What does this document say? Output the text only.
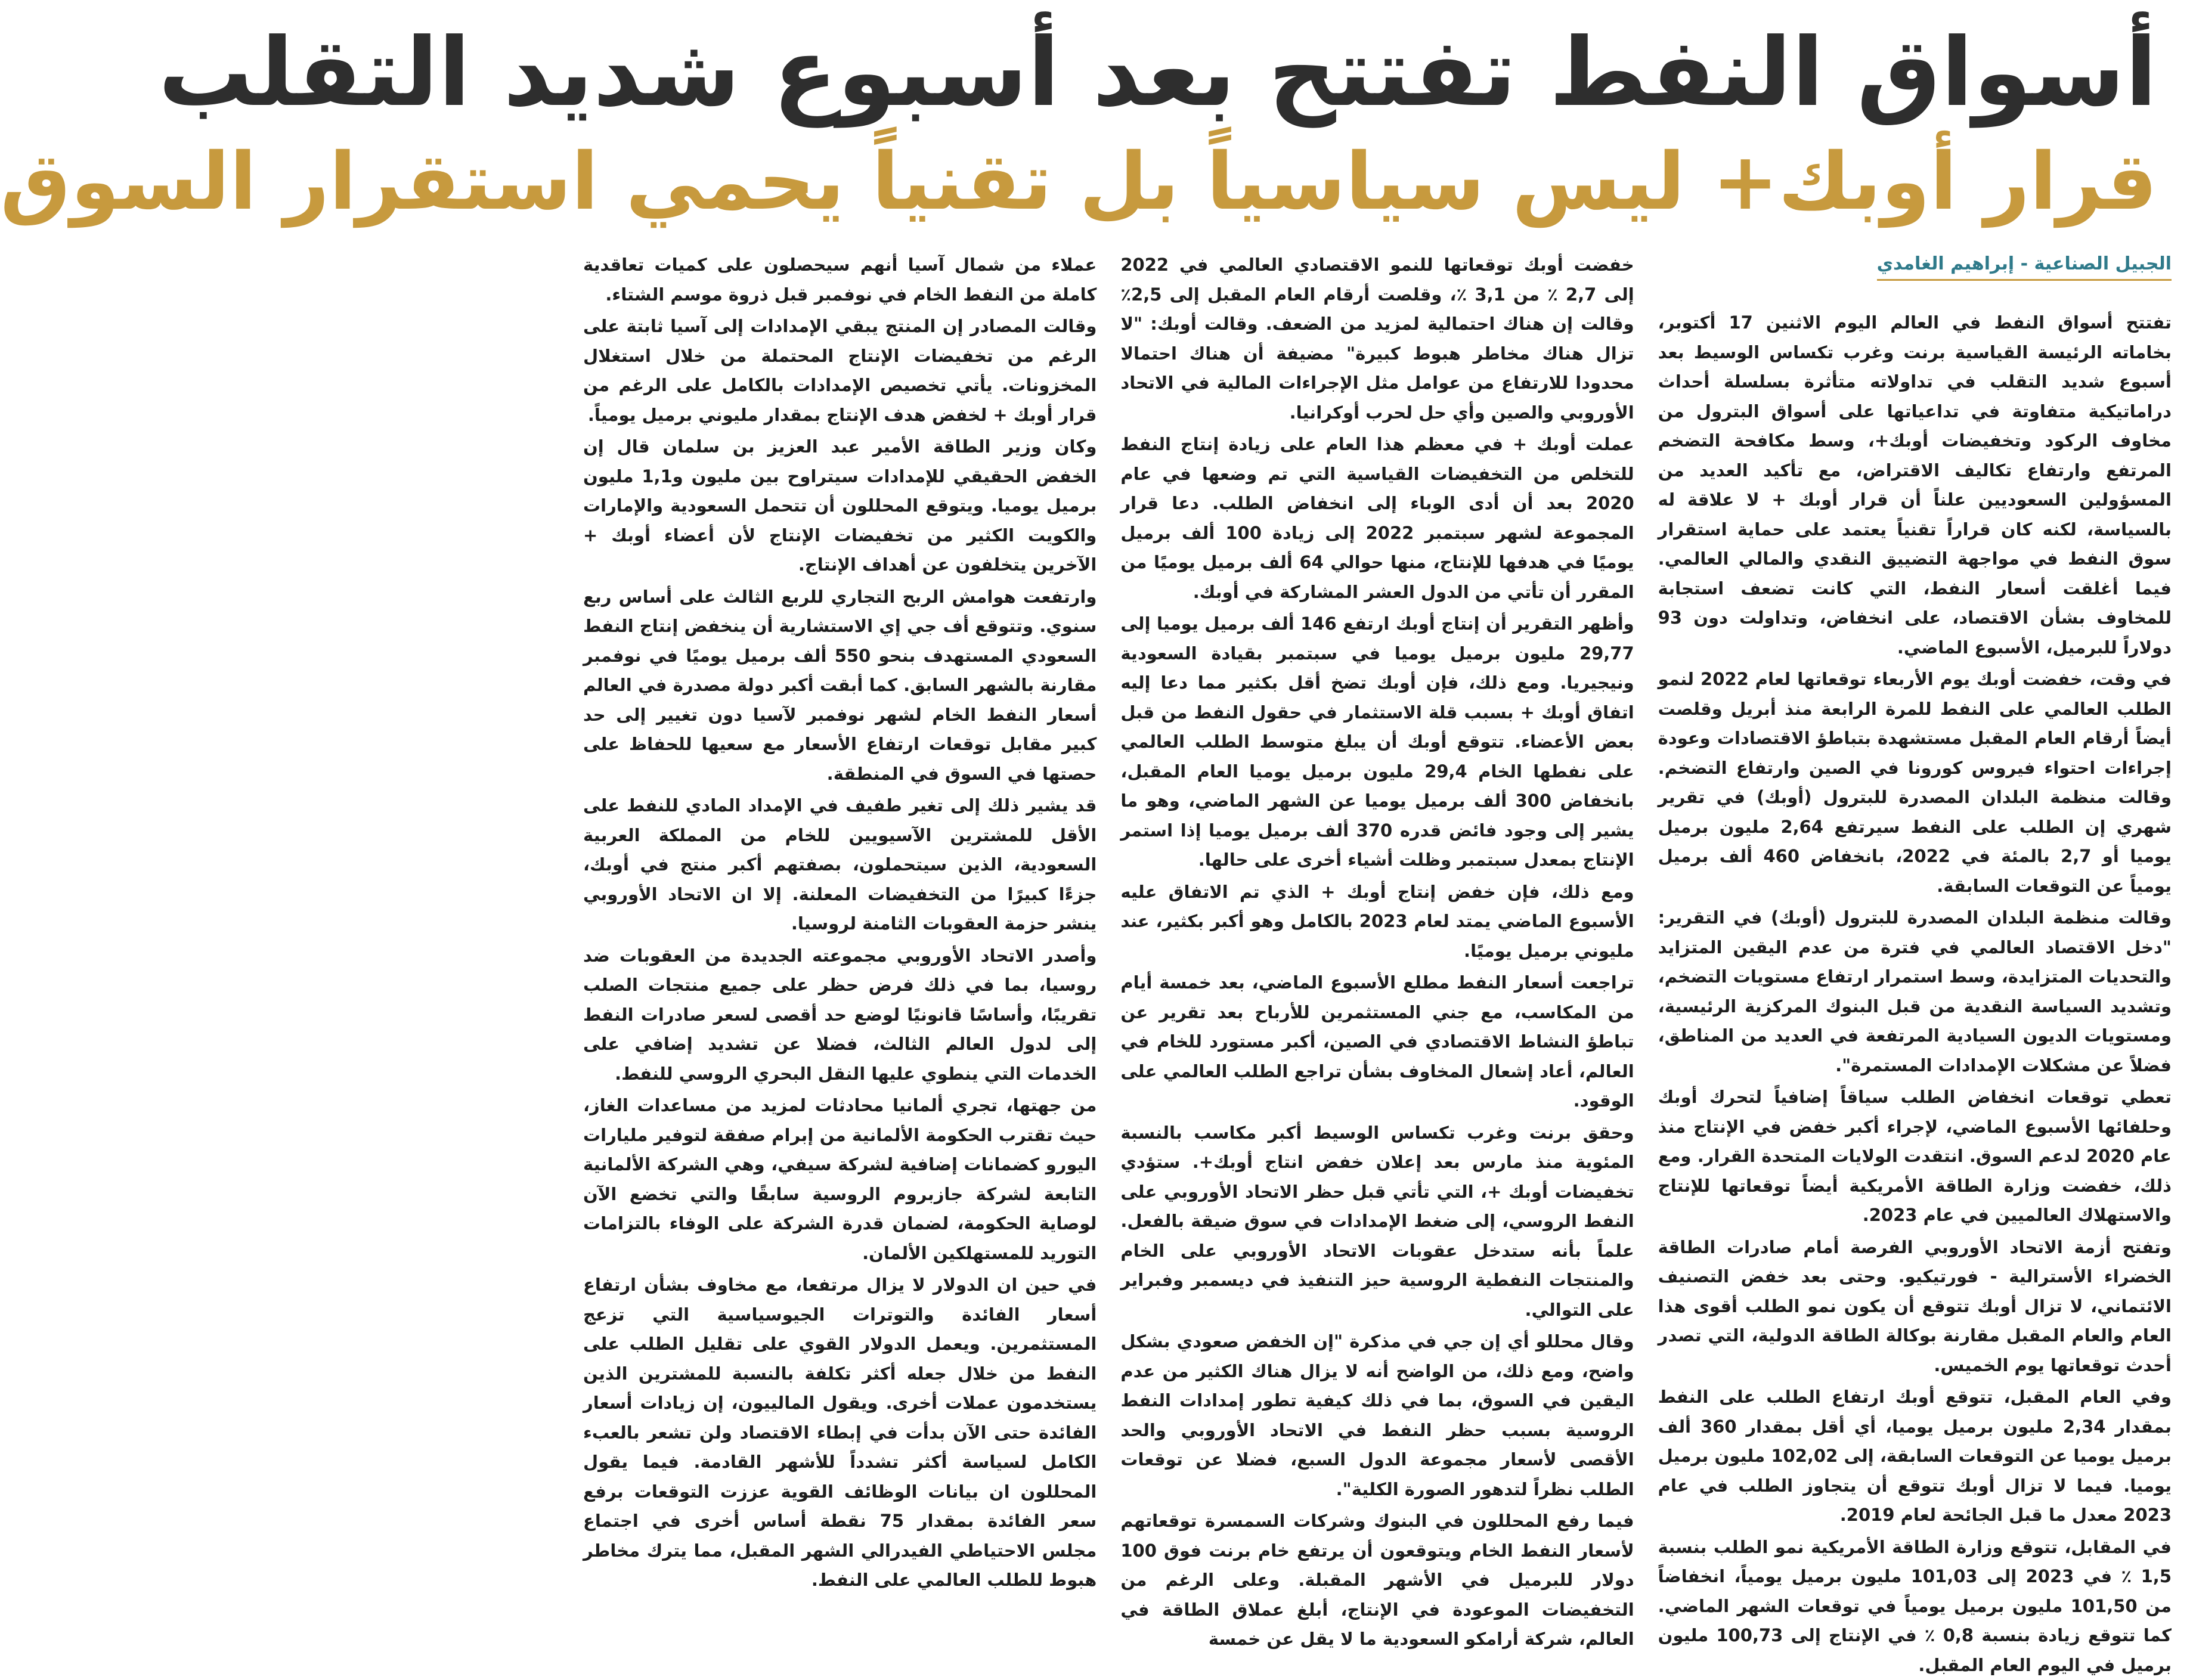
أسواق النفط تفتتح بعد أسبوع شديد التقلب
قرار أوبك+ ليس سياسياً بل تقنياً يحمي استقرار السوق
الجبيل الصناعية - إبراهيم الغامدي

تفتتح أسواق النفط في العالم اليوم الاثنين 17 أكتوبر، بخاماته الرئيسة القياسية برنت وغرب تكساس الوسيط بعد أسبوع شديد التقلب في تداولاته متأثرة بسلسلة أحداث دراماتيكية متفاوتة في تداعياتها على أسواق البترول من مخاوف الركود وتخفيضات أوبك+، وسط مكافحة التضخم المرتفع وارتفاع تكاليف الاقتراض، مع تأكيد العديد من المسؤولين السعوديين علناً أن قرار أوبك + لا علاقة له بالسياسة، لكنه كان قراراً تقنياً يعتمد على حماية استقرار سوق النفط في مواجهة التضييق النقدي والمالي العالمي. فيما أغلقت أسعار النفط، التي كانت تضعف استجابة للمخاوف بشأن الاقتصاد، على انخفاض، وتداولت دون 93 دولاراً للبرميل، الأسبوع الماضي.

في وقت، خفضت أوبك يوم الأربعاء توقعاتها لعام 2022 لنمو الطلب العالمي على النفط للمرة الرابعة منذ أبريل وقلصت أيضاً أرقام العام المقبل مستشهدة بتباطؤ الاقتصادات وعودة إجراءات احتواء فيروس كورونا في الصين وارتفاع التضخم. وقالت منظمة البلدان المصدرة للبترول (أوبك) في تقرير شهري إن الطلب على النفط سيرتفع 2,64 مليون برميل يوميا أو 2,7 بالمئة في 2022، بانخفاض 460 ألف برميل يومياً عن التوقعات السابقة.

وقالت منظمة البلدان المصدرة للبترول (أوبك) في التقرير: "دخل الاقتصاد العالمي في فترة من عدم اليقين المتزايد والتحديات المتزايدة، وسط استمرار ارتفاع مستويات التضخم، وتشديد السياسة النقدية من قبل البنوك المركزية الرئيسية، ومستويات الديون السيادية المرتفعة في العديد من المناطق، فضلاً عن مشكلات الإمدادات المستمرة".

تعطي توقعات انخفاض الطلب سياقاً إضافياً لتحرك أوبك وحلفائها الأسبوع الماضي، لإجراء أكبر خفض في الإنتاج منذ عام 2020 لدعم السوق. انتقدت الولايات المتحدة القرار. ومع ذلك، خفضت وزارة الطاقة الأمريكية أيضاً توقعاتها للإنتاج والاستهلاك العالميين في عام 2023.

وتفتح أزمة الاتحاد الأوروبي الفرصة أمام صادرات الطاقة الخضراء الأسترالية - فورتيكيو. وحتى بعد خفض التصنيف الائتماني، لا تزال أوبك تتوقع أن يكون نمو الطلب أقوى هذا العام والعام المقبل مقارنة بوكالة الطاقة الدولية، التي تصدر أحدث توقعاتها يوم الخميس.

وفي العام المقبل، تتوقع أوبك ارتفاع الطلب على النفط بمقدار 2,34 مليون برميل يوميا، أي أقل بمقدار 360 ألف برميل يوميا عن التوقعات السابقة، إلى 102,02 مليون برميل يوميا. فيما لا تزال أوبك تتوقع أن يتجاوز الطلب في عام 2023 معدل ما قبل الجائحة لعام 2019.

في المقابل، تتوقع وزارة الطاقة الأمريكية نمو الطلب بنسبة 1,5 ٪ في 2023 إلى 101,03 مليون برميل يومياً، انخفاضاً من 101,50 مليون برميل يومياً في توقعات الشهر الماضي. كما تتوقع زيادة بنسبة 0,8 ٪ في الإنتاج إلى 100,73 مليون برميل في اليوم العام المقبل.

خفضت أوبك توقعاتها للنمو الاقتصادي العالمي في 2022 إلى 2,7 ٪ من 3,1 ٪، وقلصت أرقام العام المقبل إلى 2,5٪ وقالت إن هناك احتمالية لمزيد من الضعف. وقالت أوبك: "لا تزال هناك مخاطر هبوط كبيرة" مضيفة أن هناك احتمالا محدودا للارتفاع من عوامل مثل الإجراءات المالية في الاتحاد الأوروبي والصين وأي حل لحرب أوكرانيا.

عملت أوبك + في معظم هذا العام على زيادة إنتاج النفط للتخلص من التخفيضات القياسية التي تم وضعها في عام 2020 بعد أن أدى الوباء إلى انخفاض الطلب. دعا قرار المجموعة لشهر سبتمبر 2022 إلى زيادة 100 ألف برميل يوميًا في هدفها للإنتاج، منها حوالي 64 ألف برميل يوميًا من المقرر أن تأتي من الدول العشر المشاركة في أوبك.

وأظهر التقرير أن إنتاج أوبك ارتفع 146 ألف برميل يوميا إلى 29,77 مليون برميل يوميا في سبتمبر بقيادة السعودية ونيجيريا. ومع ذلك، فإن أوبك تضخ أقل بكثير مما دعا إليه اتفاق أوبك + بسبب قلة الاستثمار في حقول النفط من قبل بعض الأعضاء. تتوقع أوبك أن يبلغ متوسط الطلب العالمي على نفطها الخام 29,4 مليون برميل يوميا العام المقبل، بانخفاض 300 ألف برميل يوميا عن الشهر الماضي، وهو ما يشير إلى وجود فائض قدره 370 ألف برميل يوميا إذا استمر الإنتاج بمعدل سبتمبر وظلت أشياء أخرى على حالها.

ومع ذلك، فإن خفض إنتاج أوبك + الذي تم الاتفاق عليه الأسبوع الماضي يمتد لعام 2023 بالكامل وهو أكبر بكثير، عند مليوني برميل يوميًا.

تراجعت أسعار النفط مطلع الأسبوع الماضي، بعد خمسة أيام من المكاسب، مع جني المستثمرين للأرباح بعد تقرير عن تباطؤ النشاط الاقتصادي في الصين، أكبر مستورد للخام في العالم، أعاد إشعال المخاوف بشأن تراجع الطلب العالمي على الوقود.

وحقق برنت وغرب تكساس الوسيط أكبر مكاسب بالنسبة المئوية منذ مارس بعد إعلان خفض انتاج أوبك+. ستؤدي تخفيضات أوبك +، التي تأتي قبل حظر الاتحاد الأوروبي على النفط الروسي، إلى ضغط الإمدادات في سوق ضيقة بالفعل. علماً بأنه ستدخل عقوبات الاتحاد الأوروبي على الخام والمنتجات النفطية الروسية حيز التنفيذ في ديسمبر وفبراير على التوالي.

وقال محللو أي إن جي في مذكرة "إن الخفض صعودي بشكل واضح، ومع ذلك، من الواضح أنه لا يزال هناك الكثير من عدم اليقين في السوق، بما في ذلك كيفية تطور إمدادات النفط الروسية بسبب حظر النفط في الاتحاد الأوروبي والحد الأقصى لأسعار مجموعة الدول السبع، فضلا عن توقعات الطلب نظراً لتدهور الصورة الكلية".

فيما رفع المحللون في البنوك وشركات السمسرة توقعاتهم لأسعار النفط الخام ويتوقعون أن يرتفع خام برنت فوق 100 دولار للبرميل في الأشهر المقبلة. وعلى الرغم من التخفيضات الموعودة في الإنتاج، أبلغ عملاق الطاقة في العالم، شركة أرامكو السعودية ما لا يقل عن خمسة

عملاء من شمال آسيا أنهم سيحصلون على كميات تعاقدية كاملة من النفط الخام في نوفمبر قبل ذروة موسم الشتاء.

وقالت المصادر إن المنتج يبقي الإمدادات إلى آسيا ثابتة على الرغم من تخفيضات الإنتاج المحتملة من خلال استغلال المخزونات. يأتي تخصيص الإمدادات بالكامل على الرغم من قرار أوبك + لخفض هدف الإنتاج بمقدار مليوني برميل يومياً.

وكان وزير الطاقة الأمير عبد العزيز بن سلمان قال إن الخفض الحقيقي للإمدادات سيتراوح بين مليون و1,1 مليون برميل يوميا. ويتوقع المحللون أن تتحمل السعودية والإمارات والكويت الكثير من تخفيضات الإنتاج لأن أعضاء أوبك + الآخرين يتخلفون عن أهداف الإنتاج.

وارتفعت هوامش الربح التجاري للربع الثالث على أساس ربع سنوي. وتتوقع أف جي إي الاستشارية أن ينخفض إنتاج النفط السعودي المستهدف بنحو 550 ألف برميل يوميًا في نوفمبر مقارنة بالشهر السابق. كما أبقت أكبر دولة مصدرة في العالم أسعار النفط الخام لشهر نوفمبر لآسيا دون تغيير إلى حد كبير مقابل توقعات ارتفاع الأسعار مع سعيها للحفاظ على حصتها في السوق في المنطقة.

قد يشير ذلك إلى تغير طفيف في الإمداد المادي للنفط على الأقل للمشترين الآسيويين للخام من المملكة العربية السعودية، الذين سيتحملون، بصفتهم أكبر منتج في أوبك، جزءًا كبيرًا من التخفيضات المعلنة. إلا ان الاتحاد الأوروبي ينشر حزمة العقوبات الثامنة لروسيا.

وأصدر الاتحاد الأوروبي مجموعته الجديدة من العقوبات ضد روسيا، بما في ذلك فرض حظر على جميع منتجات الصلب تقريبًا، وأساسًا قانونيًا لوضع حد أقصى لسعر صادرات النفط إلى لدول العالم الثالث، فضلا عن تشديد إضافي على الخدمات التي ينطوي عليها النقل البحري الروسي للنفط.

من جهتها، تجري ألمانيا محادثات لمزيد من مساعدات الغاز، حيث تقترب الحكومة الألمانية من إبرام صفقة لتوفير مليارات اليورو كضمانات إضافية لشركة سيفي، وهي الشركة الألمانية التابعة لشركة جازبروم الروسية سابقًا والتي تخضع الآن لوصاية الحكومة، لضمان قدرة الشركة على الوفاء بالتزامات التوريد للمستهلكين الألمان.

في حين ان الدولار لا يزال مرتفعا، مع مخاوف بشأن ارتفاع أسعار الفائدة والتوترات الجيوسياسية التي تزعج المستثمرين. ويعمل الدولار القوي على تقليل الطلب على النفط من خلال جعله أكثر تكلفة بالنسبة للمشترين الذين يستخدمون عملات أخرى. ويقول المالييون، إن زيادات أسعار الفائدة حتى الآن بدأت في إبطاء الاقتصاد ولن تشعر بالعبء الكامل لسياسة أكثر تشدداً للأشهر القادمة. فيما يقول المحللون ان بيانات الوظائف القوية عززت التوقعات برفع سعر الفائدة بمقدار 75 نقطة أساس أخرى في اجتماع مجلس الاحتياطي الفيدرالي الشهر المقبل، مما يترك مخاطر هبوط للطلب العالمي على النفط.
